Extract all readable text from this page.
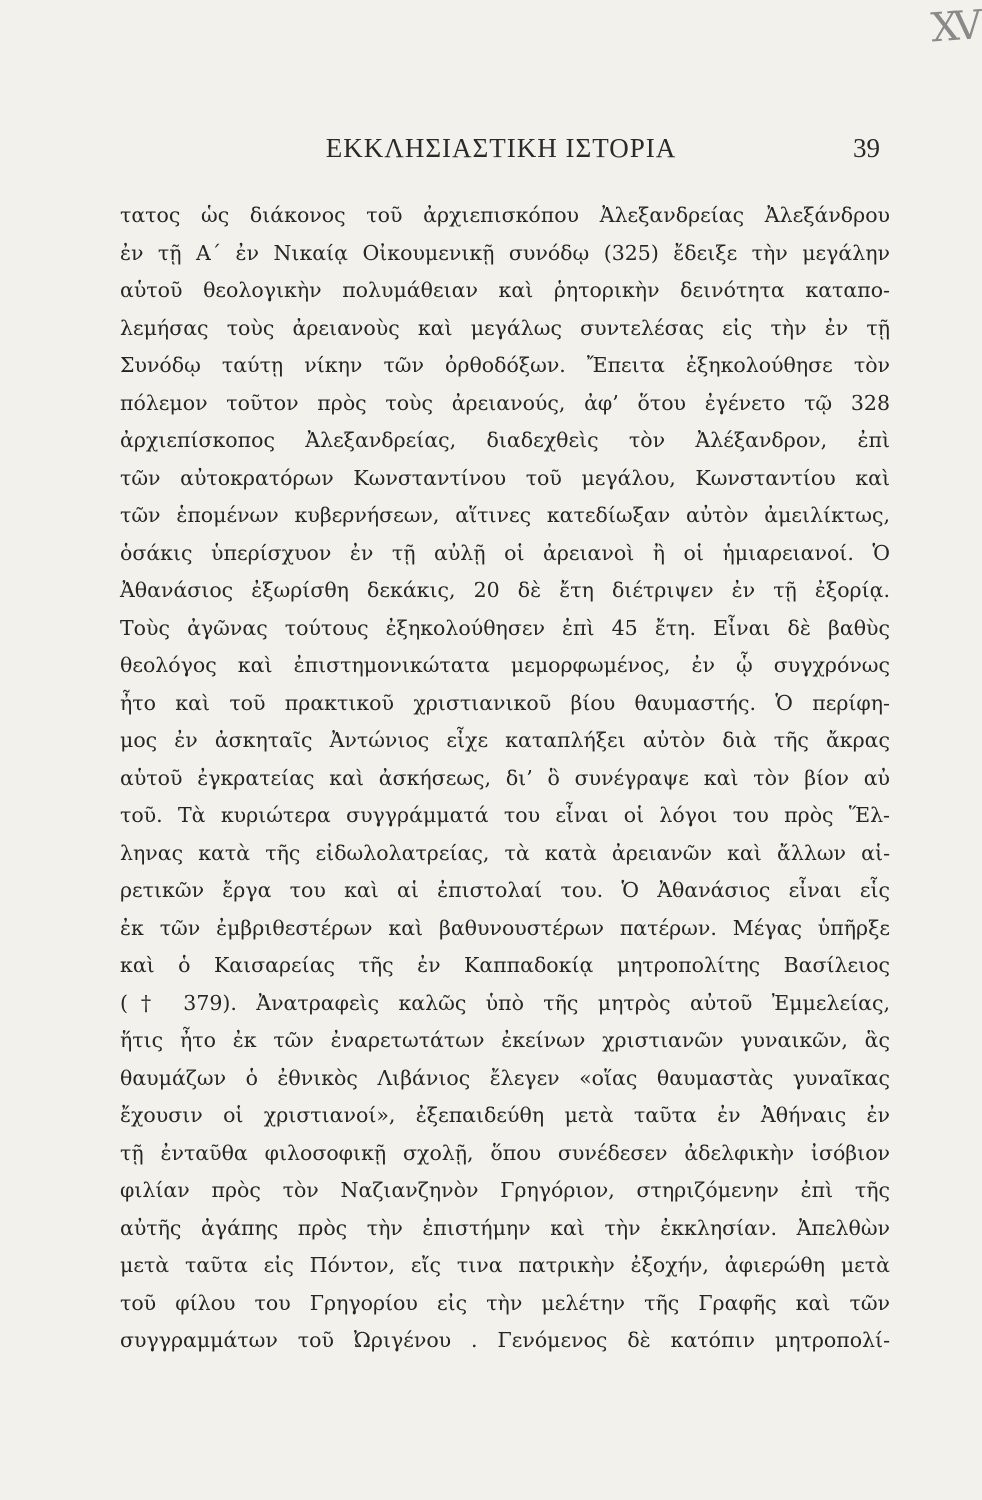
XV
ΕΚΚΛΗΣΙΑΣΤΙΚΗ ΙΣΤΟΡΙΑ	39
τατος ὡς διάκονος τοῦ ἀρχιεπισκόπου Ἀλεξανδρείας Ἀλεξάνδρου
ἐν τῇ Α΄ ἐν Νικαίᾳ Οἰκουμενικῇ συνόδῳ (325) ἔδειξε τὴν μεγάλην
αὑτοῦ θεολογικὴν πολυμάθειαν καὶ ῥητορικὴν δεινότητα καταπο-
λεμήσας τοὺς ἀρειανοὺς καὶ μεγάλως συντελέσας εἰς τὴν ἐν τῇ
Συνόδῳ ταύτῃ νίκην τῶν ὀρθοδόξων. Ἔπειτα ἐξηκολούθησε τὸν
πόλεμον τοῦτον πρὸς τοὺς ἀρειανούς, ἀφ’ ὅτου ἐγένετο τῷ 328
ἀρχιεπίσκοπος Ἀλεξανδρείας, διαδεχθεὶς τὸν Ἀλέξανδρον, ἐπὶ
τῶν αὐτοκρατόρων Κωνσταντίνου τοῦ μεγάλου, Κωνσταντίου καὶ
τῶν ἑπομένων κυβερνήσεων, αἵτινες κατεδίωξαν αὐτὸν ἀμειλίκτως,
ὁσάκις ὑπερίσχυον ἐν τῇ αὐλῇ οἱ ἀρειανοὶ ἢ οἱ ἡμιαρειανοί. Ὁ
Ἀθανάσιος ἐξωρίσθη δεκάκις, 20 δὲ ἔτη διέτριψεν ἐν τῇ ἐξορίᾳ.
Τοὺς ἀγῶνας τούτους ἐξηκολούθησεν ἐπὶ 45 ἔτη. Εἶναι δὲ βαθὺς
θεολόγος καὶ ἐπιστημονικώτατα μεμορφωμένος, ἐν ᾧ συγχρόνως
ἦτο καὶ τοῦ πρακτικοῦ χριστιανικοῦ βίου θαυμαστής. Ὁ περίφη-
μος ἐν ἀσκηταῖς Ἀντώνιος εἶχε καταπλήξει αὐτὸν διὰ τῆς ἄκρας
αὑτοῦ ἐγκρατείας καὶ ἀσκήσεως, δι’ ὃ συνέγραψε καὶ τὸν βίον αὐ
τοῦ. Τὰ κυριώτερα συγγράμματά του εἶναι οἱ λόγοι του πρὸς Ἕλ-
ληνας κατὰ τῆς εἰδωλολατρείας, τὰ κατὰ ἀρειανῶν καὶ ἄλλων αἱ-
ρετικῶν ἔργα του καὶ αἱ ἐπιστολαί του. Ὁ Ἀθανάσιος εἶναι εἷς
ἐκ τῶν ἐμβριθεστέρων καὶ βαθυνουστέρων πατέρων. Μέγας ὑπῆρξε
καὶ ὁ Καισαρείας τῆς ἐν Καππαδοκίᾳ μητροπολίτης Βασίλειος
(† 379). Ἀνατραφεὶς καλῶς ὑπὸ τῆς μητρὸς αὐτοῦ Ἐμμελείας,
ἥτις ἦτο ἐκ τῶν ἐναρετωτάτων ἐκείνων χριστιανῶν γυναικῶν, ἃς
θαυμάζων ὁ ἐθνικὸς Λιβάνιος ἔλεγεν «οἵας θαυμαστὰς γυναῖκας
ἔχουσιν οἱ χριστιανοί», ἐξεπαιδεύθη μετὰ ταῦτα ἐν Ἀθήναις ἐν
τῇ ἐνταῦθα φιλοσοφικῇ σχολῇ, ὅπου συνέδεσεν ἀδελφικὴν ἰσόβιον
φιλίαν πρὸς τὸν Ναζιανζηνὸν Γρηγόριον, στηριζόμενην ἐπὶ τῆς
αὐτῆς ἀγάπης πρὸς τὴν ἐπιστήμην καὶ τὴν ἐκκλησίαν. Ἀπελθὼν
μετὰ ταῦτα εἰς Πόντον, εἴς τινα πατρικὴν ἐξοχήν, ἀφιερώθη μετὰ
τοῦ φίλου του Γρηγορίου εἰς τὴν μελέτην τῆς Γραφῆς καὶ τῶν
συγγραμμάτων τοῦ Ὠριγένου . Γενόμενος δὲ κατόπιν μητροπολί-
